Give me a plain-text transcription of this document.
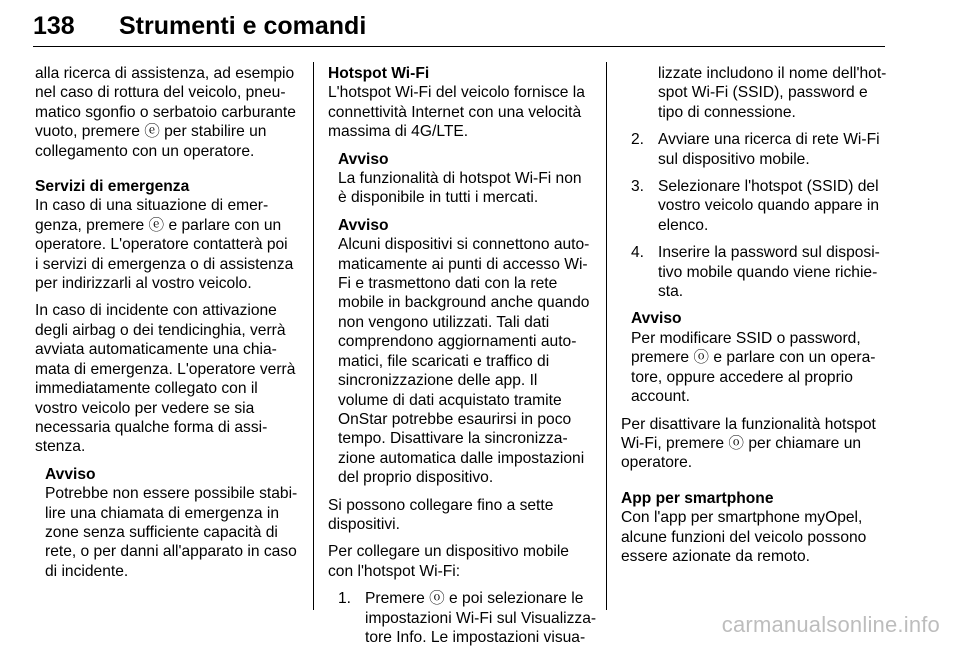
138 Strumenti e comandi

alla ricerca di assistenza, ad esempio
nel caso di rottura del veicolo, pneu-
matico sgonfio o serbatoio carburante
vuoto, premere ⓔ per stabilire un
collegamento con un operatore.

Servizi di emergenza

In caso di una situazione di emer-
genza, premere ⓔ e parlare con un
operatore. L'operatore contatterà poi
i servizi di emergenza o di assistenza
per indirizzarli al vostro veicolo.

In caso di incidente con attivazione
degli airbag o dei tendicinghia, verrà
avviata automaticamente una chia-
mata di emergenza. L'operatore verrà
immediatamente collegato con il
vostro veicolo per vedere se sia
necessaria qualche forma di assi-
stenza.

Avviso

Potrebbe non essere possibile stabi-
lire una chiamata di emergenza in
zone senza sufficiente capacità di
rete, o per danni all'apparato in caso
di incidente.

Hotspot Wi-Fi

L'hotspot Wi-Fi del veicolo fornisce la
connettività Internet con una velocità
massima di 4G/LTE.

Avviso

La funzionalità di hotspot Wi-Fi non
è disponibile in tutti i mercati.

Avviso

Alcuni dispositivi si connettono auto-
maticamente ai punti di accesso Wi-
Fi e trasmettono dati con la rete
mobile in background anche quando
non vengono utilizzati. Tali dati
comprendono aggiornamenti auto-
matici, file scaricati e traffico di
sincronizzazione delle app. Il
volume di dati acquistato tramite
OnStar potrebbe esaurirsi in poco
tempo. Disattivare la sincronizza-
zione automatica dalle impostazioni
del proprio dispositivo.

Si possono collegare fino a sette
dispositivi.

Per collegare un dispositivo mobile
con l'hotspot Wi-Fi:

1. Premere ⓞ e poi selezionare le
impostazioni Wi-Fi sul Visualizza-
tore Info. Le impostazioni visua-

lizzate includono il nome dell'hot-
spot Wi-Fi (SSID), password e
tipo di connessione.

2. Avviare una ricerca di rete Wi-Fi
sul dispositivo mobile.

3. Selezionare l'hotspot (SSID) del
vostro veicolo quando appare in
elenco.

4. Inserire la password sul disposi-
tivo mobile quando viene richie-
sta.

Avviso

Per modificare SSID o password,
premere ⓞ e parlare con un opera-
tore, oppure accedere al proprio
account.

Per disattivare la funzionalità hotspot
Wi-Fi, premere ⓞ per chiamare un
operatore.

App per smartphone

Con l'app per smartphone myOpel,
alcune funzioni del veicolo possono
essere azionate da remoto.

carmanualsonline.info
